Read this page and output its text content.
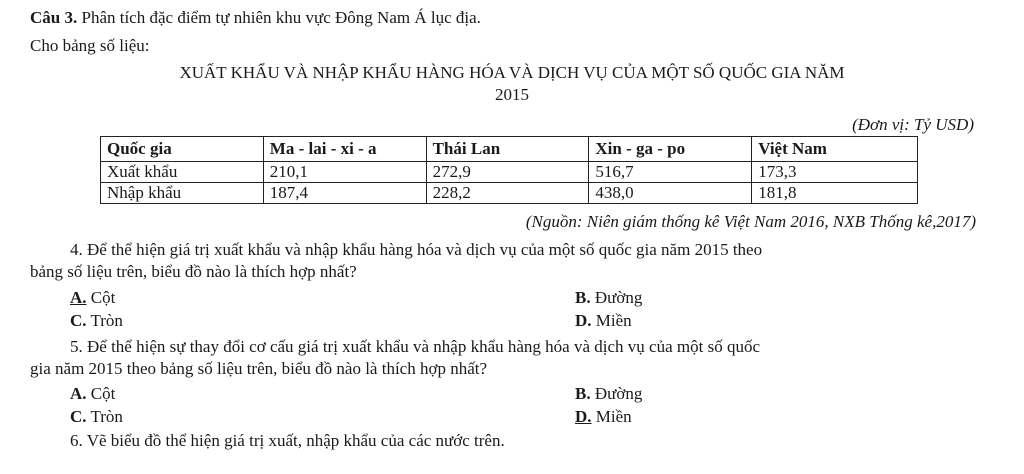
Câu 3. Phân tích đặc điểm tự nhiên khu vực Đông Nam Á lục địa.
Cho bảng số liệu:
XUẤT KHẨU VÀ NHẬP KHẨU HÀNG HÓA VÀ DỊCH VỤ CỦA MỘT SỐ QUỐC GIA NĂM
2015
(Đơn vị: Tỷ USD)
Quốc gia	Ma - lai - xi - a	Thái Lan	Xin - ga - po	Việt Nam
Xuất khẩu	210,1	272,9	516,7	173,3
Nhập khẩu	187,4	228,2	438,0	181,8
(Nguồn: Niên giám thống kê Việt Nam 2016, NXB Thống kê,2017)
4. Để thể hiện giá trị xuất khẩu và nhập khẩu hàng hóa và dịch vụ của một số quốc gia năm 2015 theo
bảng số liệu trên, biểu đồ nào là thích hợp nhất?
A. Cột	B. Đường
C. Tròn	D. Miền
5. Để thể hiện sự thay đổi cơ cấu giá trị xuất khẩu và nhập khẩu hàng hóa và dịch vụ của một số quốc
gia năm 2015 theo bảng số liệu trên, biểu đồ nào là thích hợp nhất?
A. Cột	B. Đường
C. Tròn	D. Miền
6. Vẽ biểu đồ thể hiện giá trị xuất, nhập khẩu của các nước trên.
